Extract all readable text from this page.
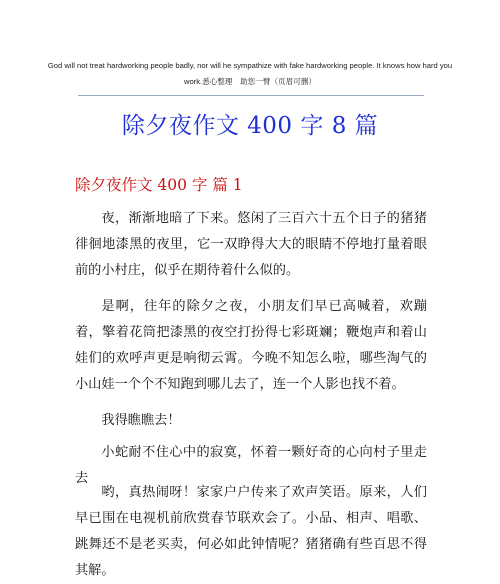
God will not treat hardworking people badly, nor will he sympathize with fake hardworking people. It knows how hard you work.悉心整理　助您一臂（页眉可删）
除夕夜作文 400 字 8 篇
除夕夜作文 400 字 篇 1

夜，渐渐地暗了下来。悠闲了三百六十五个日子的猪猪徘徊地漆黑的夜里，它一双睁得大大的眼睛不停地打量着眼前的小村庄，似乎在期待着什么似的。

是啊，往年的除夕之夜，小朋友们早已高喊着，欢蹦着，擎着花筒把漆黑的夜空打扮得七彩斑斓；鞭炮声和着山娃们的欢呼声更是响彻云霄。今晚不知怎么啦，哪些淘气的小山娃一个个不知跑到哪儿去了，连一个人影也找不着。

我得瞧瞧去！

小蛇耐不住心中的寂寞，怀着一颗好奇的心向村子里走去

哟，真热闹呀！家家户户传来了欢声笑语。原来，人们早已围在电视机前欣赏春节联欢会了。小品、相声、唱歌、跳舞还不是老买卖，何必如此钟情呢？猪猪确有些百思不得其解。
